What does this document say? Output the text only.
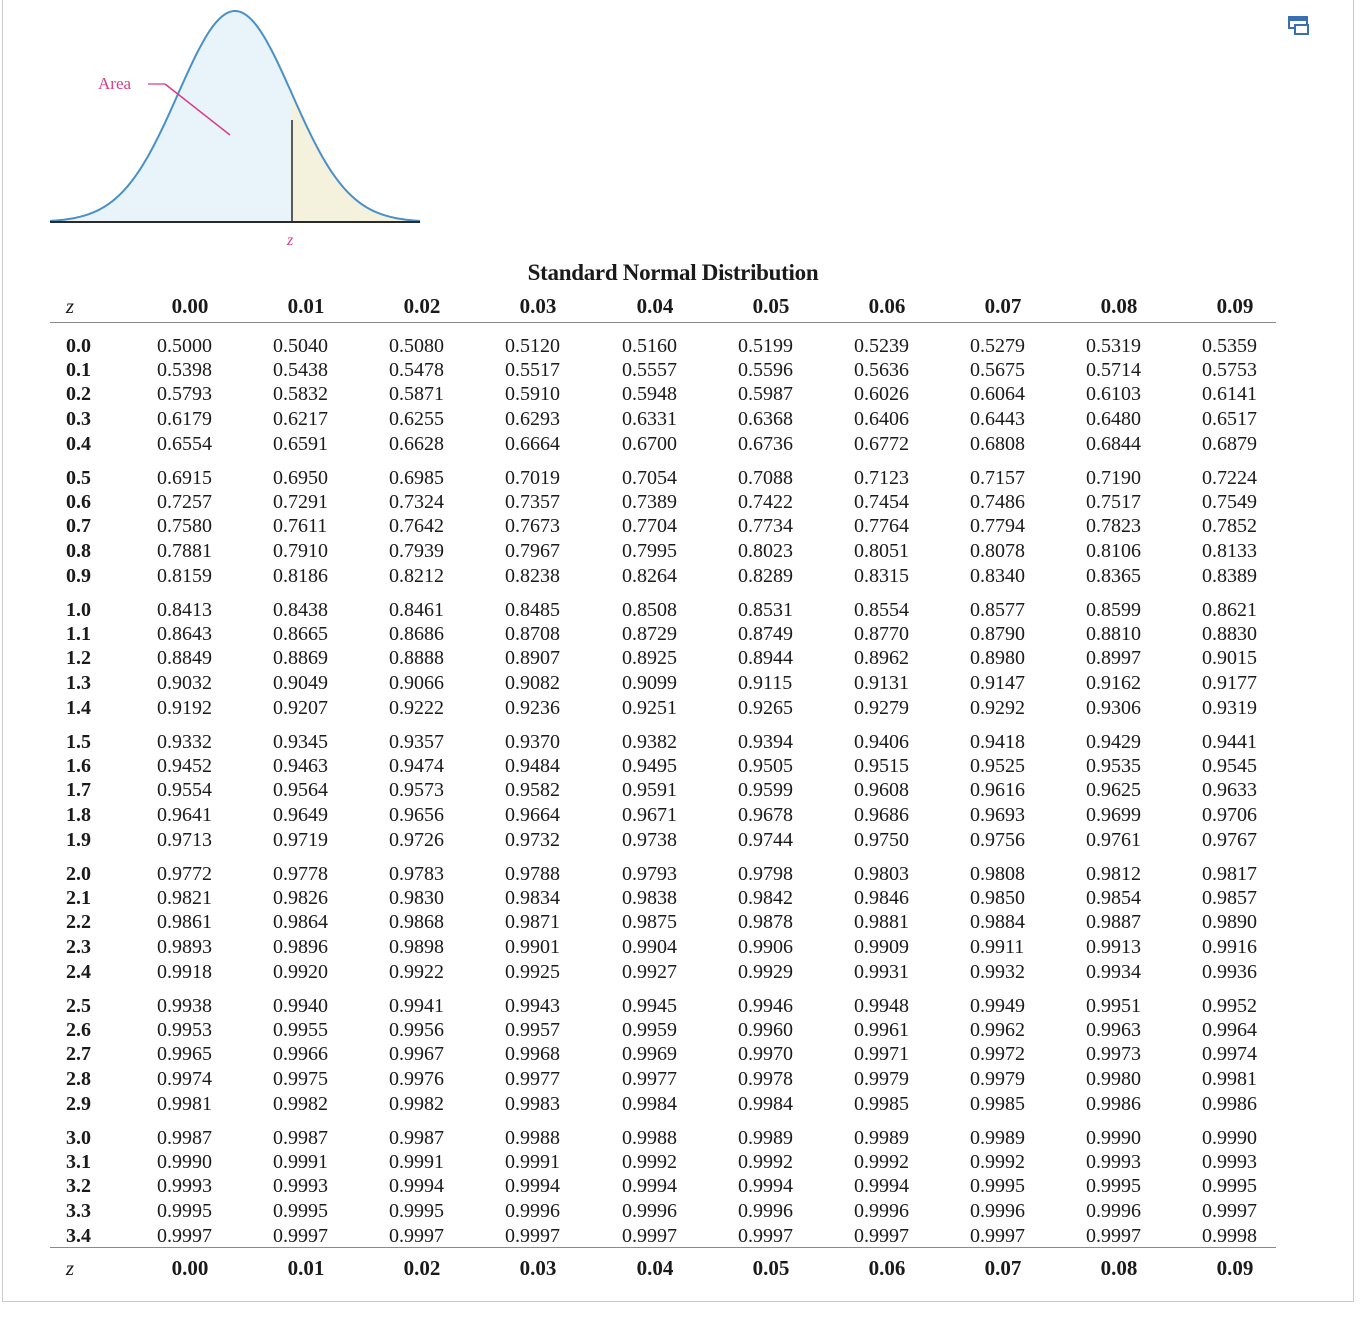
Area
z
Standard Normal Distribution
z	0.00	0.01	0.02	0.03	0.04	0.05	0.06	0.07	0.08	0.09
0.0	0.5000	0.5040	0.5080	0.5120	0.5160	0.5199	0.5239	0.5279	0.5319	0.5359
0.1	0.5398	0.5438	0.5478	0.5517	0.5557	0.5596	0.5636	0.5675	0.5714	0.5753
0.2	0.5793	0.5832	0.5871	0.5910	0.5948	0.5987	0.6026	0.6064	0.6103	0.6141
0.3	0.6179	0.6217	0.6255	0.6293	0.6331	0.6368	0.6406	0.6443	0.6480	0.6517
0.4	0.6554	0.6591	0.6628	0.6664	0.6700	0.6736	0.6772	0.6808	0.6844	0.6879
0.5	0.6915	0.6950	0.6985	0.7019	0.7054	0.7088	0.7123	0.7157	0.7190	0.7224
0.6	0.7257	0.7291	0.7324	0.7357	0.7389	0.7422	0.7454	0.7486	0.7517	0.7549
0.7	0.7580	0.7611	0.7642	0.7673	0.7704	0.7734	0.7764	0.7794	0.7823	0.7852
0.8	0.7881	0.7910	0.7939	0.7967	0.7995	0.8023	0.8051	0.8078	0.8106	0.8133
0.9	0.8159	0.8186	0.8212	0.8238	0.8264	0.8289	0.8315	0.8340	0.8365	0.8389
1.0	0.8413	0.8438	0.8461	0.8485	0.8508	0.8531	0.8554	0.8577	0.8599	0.8621
1.1	0.8643	0.8665	0.8686	0.8708	0.8729	0.8749	0.8770	0.8790	0.8810	0.8830
1.2	0.8849	0.8869	0.8888	0.8907	0.8925	0.8944	0.8962	0.8980	0.8997	0.9015
1.3	0.9032	0.9049	0.9066	0.9082	0.9099	0.9115	0.9131	0.9147	0.9162	0.9177
1.4	0.9192	0.9207	0.9222	0.9236	0.9251	0.9265	0.9279	0.9292	0.9306	0.9319
1.5	0.9332	0.9345	0.9357	0.9370	0.9382	0.9394	0.9406	0.9418	0.9429	0.9441
1.6	0.9452	0.9463	0.9474	0.9484	0.9495	0.9505	0.9515	0.9525	0.9535	0.9545
1.7	0.9554	0.9564	0.9573	0.9582	0.9591	0.9599	0.9608	0.9616	0.9625	0.9633
1.8	0.9641	0.9649	0.9656	0.9664	0.9671	0.9678	0.9686	0.9693	0.9699	0.9706
1.9	0.9713	0.9719	0.9726	0.9732	0.9738	0.9744	0.9750	0.9756	0.9761	0.9767
2.0	0.9772	0.9778	0.9783	0.9788	0.9793	0.9798	0.9803	0.9808	0.9812	0.9817
2.1	0.9821	0.9826	0.9830	0.9834	0.9838	0.9842	0.9846	0.9850	0.9854	0.9857
2.2	0.9861	0.9864	0.9868	0.9871	0.9875	0.9878	0.9881	0.9884	0.9887	0.9890
2.3	0.9893	0.9896	0.9898	0.9901	0.9904	0.9906	0.9909	0.9911	0.9913	0.9916
2.4	0.9918	0.9920	0.9922	0.9925	0.9927	0.9929	0.9931	0.9932	0.9934	0.9936
2.5	0.9938	0.9940	0.9941	0.9943	0.9945	0.9946	0.9948	0.9949	0.9951	0.9952
2.6	0.9953	0.9955	0.9956	0.9957	0.9959	0.9960	0.9961	0.9962	0.9963	0.9964
2.7	0.9965	0.9966	0.9967	0.9968	0.9969	0.9970	0.9971	0.9972	0.9973	0.9974
2.8	0.9974	0.9975	0.9976	0.9977	0.9977	0.9978	0.9979	0.9979	0.9980	0.9981
2.9	0.9981	0.9982	0.9982	0.9983	0.9984	0.9984	0.9985	0.9985	0.9986	0.9986
3.0	0.9987	0.9987	0.9987	0.9988	0.9988	0.9989	0.9989	0.9989	0.9990	0.9990
3.1	0.9990	0.9991	0.9991	0.9991	0.9992	0.9992	0.9992	0.9992	0.9993	0.9993
3.2	0.9993	0.9993	0.9994	0.9994	0.9994	0.9994	0.9994	0.9995	0.9995	0.9995
3.3	0.9995	0.9995	0.9995	0.9996	0.9996	0.9996	0.9996	0.9996	0.9996	0.9997
3.4	0.9997	0.9997	0.9997	0.9997	0.9997	0.9997	0.9997	0.9997	0.9997	0.9998
z	0.00	0.01	0.02	0.03	0.04	0.05	0.06	0.07	0.08	0.09
